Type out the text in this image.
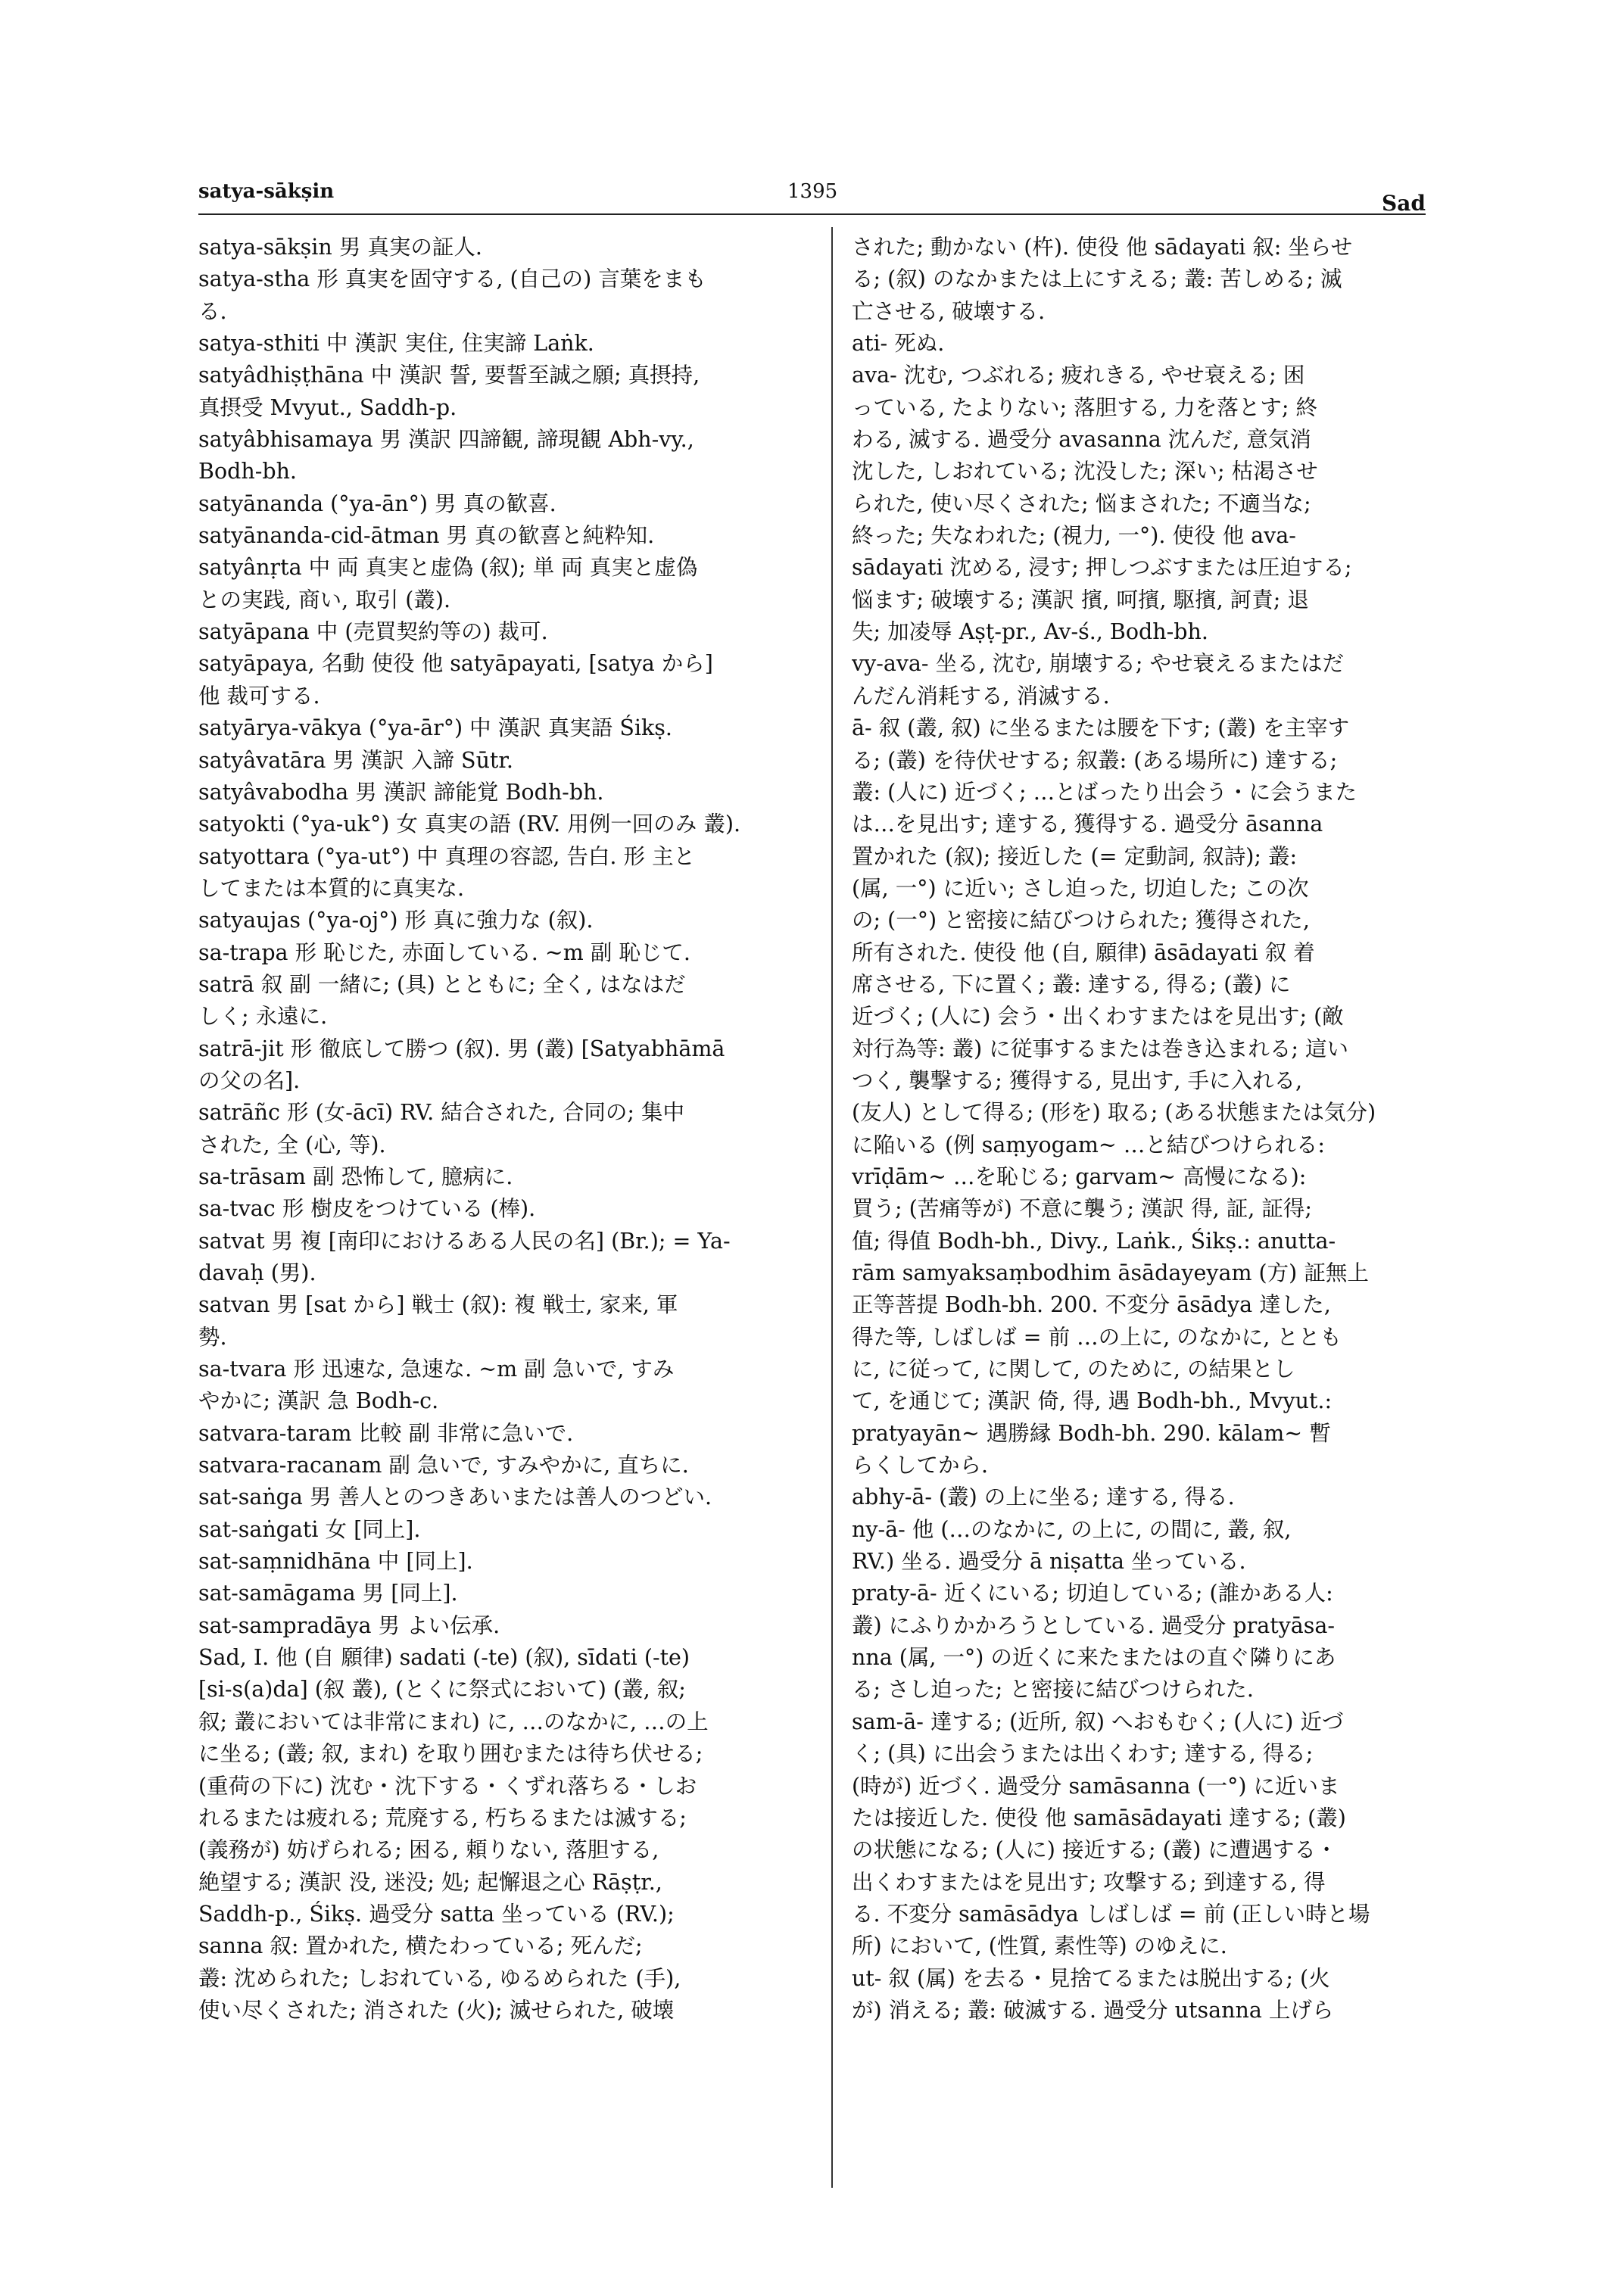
satya-sākṣin	1395	Sad
satya-sākṣin 男 真実の証人.
satya-stha 形 真実を固守する, (自己の) 言葉をまも
る.
satya-sthiti 中 漢訳 実住, 住実諦 Laṅk.
satyâdhiṣṭhāna 中 漢訳 誓, 要誓至誠之願; 真摂持,
真摂受 Mvyut., Saddh-p.
satyâbhisamaya 男 漢訳 四諦観, 諦現観 Abh-vy.,
Bodh-bh.
satyānanda (°ya-ān°) 男 真の歓喜.
satyānanda-cid-ātman 男 真の歓喜と純粋知.
satyânṛta 中 両 真実と虚偽 (叙); 単 両 真実と虚偽
との実践, 商い, 取引 (叢).
satyāpana 中 (売買契約等の) 裁可.
satyāpaya, 名動 使役 他 satyāpayati, [satya から]
他 裁可する.
satyārya-vākya (°ya-ār°) 中 漢訳 真実語 Śikṣ.
satyâvatāra 男 漢訳 入諦 Sūtr.
satyâvabodha 男 漢訳 諦能覚 Bodh-bh.
satyokti (°ya-uk°) 女 真実の語 (RV. 用例一回のみ 叢).
satyottara (°ya-ut°) 中 真理の容認, 告白. 形 主と
してまたは本質的に真実な.
satyaujas (°ya-oj°) 形 真に強力な (叙).
sa-trapa 形 恥じた, 赤面している. ~m 副 恥じて.
satrā 叙 副 一緒に; (具) とともに; 全く, はなはだ
しく; 永遠に.
satrā-jit 形 徹底して勝つ (叙). 男 (叢) [Satyabhāmā
の父の名].
satrāñc 形 (女-ācī) RV. 結合された, 合同の; 集中
された, 全 (心, 等).
sa-trāsam 副 恐怖して, 臆病に.
sa-tvac 形 樹皮をつけている (棒).
satvat 男 複 [南印におけるある人民の名] (Br.); = Ya-
davaḥ (男).
satvan 男 [sat から] 戦士 (叙): 複 戦士, 家来, 軍
勢.
sa-tvara 形 迅速な, 急速な. ~m 副 急いで, すみ
やかに; 漢訳 急 Bodh-c.
satvara-taram 比較 副 非常に急いで.
satvara-racanam 副 急いで, すみやかに, 直ちに.
sat-saṅga 男 善人とのつきあいまたは善人のつどい.
sat-saṅgati 女 [同上].
sat-saṃnidhāna 中 [同上].
sat-samāgama 男 [同上].
sat-sampradāya 男 よい伝承.
Sad, I. 他 (自 願律) sadati (-te) (叙), sīdati (-te)
[si-s(a)da] (叙 叢), (とくに祭式において) (叢, 叙;
叙; 叢においては非常にまれ) に, …のなかに, …の上
に坐る; (叢; 叙, まれ) を取り囲むまたは待ち伏せる;
(重荷の下に) 沈む・沈下する・くずれ落ちる・しお
れるまたは疲れる; 荒廃する, 朽ちるまたは滅する;
(義務が) 妨げられる; 困る, 頼りない, 落胆する,
絶望する; 漢訳 没, 迷没; 処; 起懈退之心 Rāṣṭr.,
Saddh-p., Śikṣ. 過受分 satta 坐っている (RV.);
sanna 叙: 置かれた, 横たわっている; 死んだ;
叢: 沈められた; しおれている, ゆるめられた (手),
使い尽くされた; 消された (火); 滅せられた, 破壊
された; 動かない (杵). 使役 他 sādayati 叙: 坐らせ
る; (叙) のなかまたは上にすえる; 叢: 苦しめる; 滅
亡させる, 破壊する.
ati- 死ぬ.
ava- 沈む, つぶれる; 疲れきる, やせ衰える; 困
っている, たよりない; 落胆する, 力を落とす; 終
わる, 滅する. 過受分 avasanna 沈んだ, 意気消
沈した, しおれている; 沈没した; 深い; 枯渇させ
られた, 使い尽くされた; 悩まされた; 不適当な;
終った; 失なわれた; (視力, 一°). 使役 他 ava-
sādayati 沈める, 浸す; 押しつぶすまたは圧迫する;
悩ます; 破壊する; 漢訳 擯, 呵擯, 駆擯, 訶責; 退
失; 加凌辱 Aṣṭ-pr., Av-ś., Bodh-bh.
vy-ava- 坐る, 沈む, 崩壊する; やせ衰えるまたはだ
んだん消耗する, 消滅する.
ā- 叙 (叢, 叙) に坐るまたは腰を下す; (叢) を主宰す
る; (叢) を待伏せする; 叙叢: (ある場所に) 達する;
叢: (人に) 近づく; …とばったり出会う・に会うまた
は…を見出す; 達する, 獲得する. 過受分 āsanna
置かれた (叙); 接近した (= 定動詞, 叙詩); 叢:
(属, 一°) に近い; さし迫った, 切迫した; この次
の; (一°) と密接に結びつけられた; 獲得された,
所有された. 使役 他 (自, 願律) āsādayati 叙 着
席させる, 下に置く; 叢: 達する, 得る; (叢) に
近づく; (人に) 会う・出くわすまたはを見出す; (敵
対行為等: 叢) に従事するまたは巻き込まれる; 這い
つく, 襲撃する; 獲得する, 見出す, 手に入れる,
(友人) として得る; (形を) 取る; (ある状態または気分)
に陥いる (例 saṃyogam~ …と結びつけられる:
vrīḍām~ …を恥じる; garvam~ 高慢になる):
買う; (苦痛等が) 不意に襲う; 漢訳 得, 証, 証得;
值; 得值 Bodh-bh., Divy., Laṅk., Śikṣ.: anutta-
rām samyaksaṃbodhim āsādayeyam (方) 証無上
正等菩提 Bodh-bh. 200. 不変分 āsādya 達した,
得た等, しばしば = 前 …の上に, のなかに, ととも
に, に従って, に関して, のために, の結果とし
て, を通じて; 漢訳 倚, 得, 遇 Bodh-bh., Mvyut.:
pratyayān~ 遇勝縁 Bodh-bh. 290. kālam~ 暫
らくしてから.
abhy-ā- (叢) の上に坐る; 達する, 得る.
ny-ā- 他 (…のなかに, の上に, の間に, 叢, 叙,
RV.) 坐る. 過受分 ā niṣatta 坐っている.
praty-ā- 近くにいる; 切迫している; (誰かある人:
叢) にふりかかろうとしている. 過受分 pratyāsa-
nna (属, 一°) の近くに来たまたはの直ぐ隣りにあ
る; さし迫った; と密接に結びつけられた.
sam-ā- 達する; (近所, 叙) へおもむく; (人に) 近づ
く; (具) に出会うまたは出くわす; 達する, 得る;
(時が) 近づく. 過受分 samāsanna (一°) に近いま
たは接近した. 使役 他 samāsādayati 達する; (叢)
の状態になる; (人に) 接近する; (叢) に遭遇する・
出くわすまたはを見出す; 攻撃する; 到達する, 得
る. 不変分 samāsādya しばしば = 前 (正しい時と場
所) において, (性質, 素性等) のゆえに.
ut- 叙 (属) を去る・見捨てるまたは脱出する; (火
が) 消える; 叢: 破滅する. 過受分 utsanna 上げら
